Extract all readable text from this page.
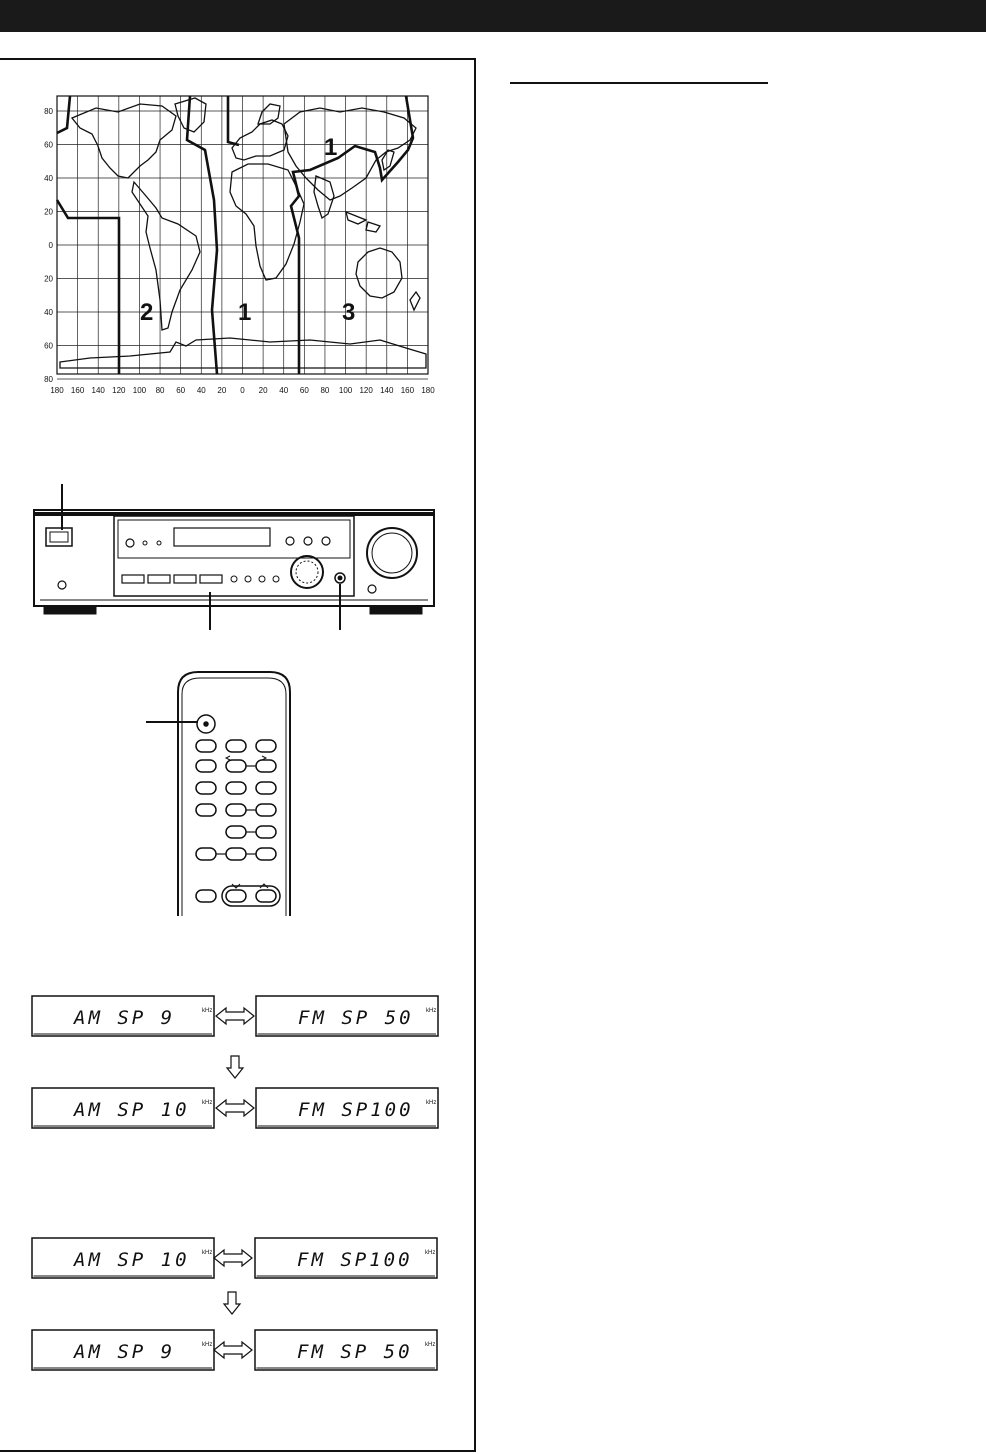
80
60
40
20
0
20
40
60
80
180 160 140 120 100 80 60 40 20 0 20 40 60 80 100 120 140 160 180
2	1	3
1
AM SP 9	kHz	FM SP 50 kHz
AM SP 10 kHz	FM SP100 kHz
AM SP 10 kHz	FM SP100 kHz
AM SP 9	kHz	FM SP 50 kHz
